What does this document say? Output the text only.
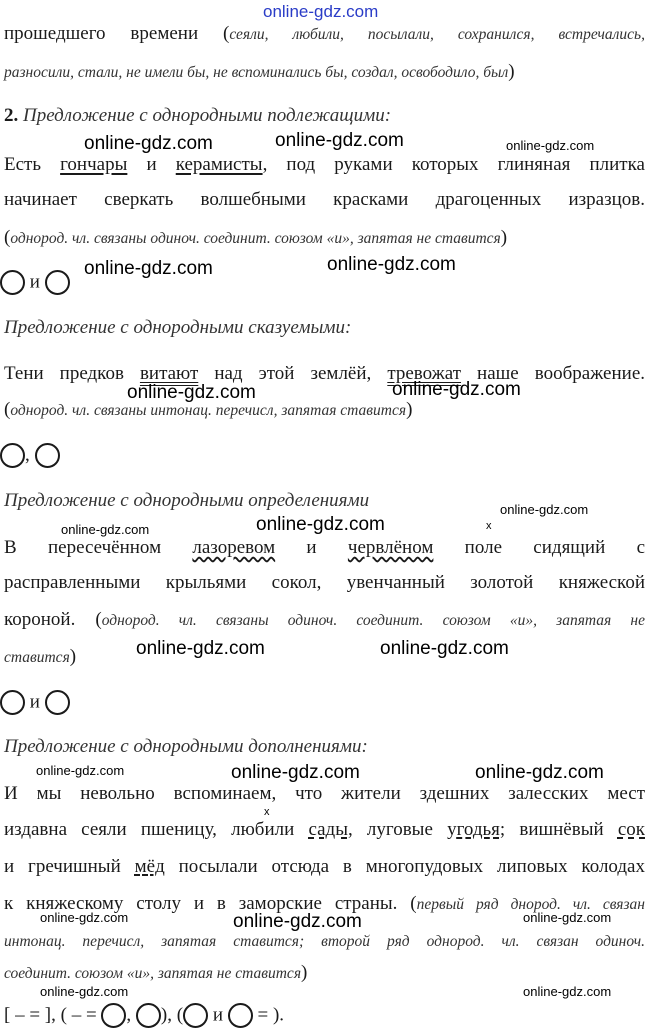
online-gdz.com
прошедшего времени (сеяли, любили, посылали, сохранился, встречались,
разносили, стали, не имели бы, не вспоминались бы, создал, освободило, был)
2. Предложение с однородными подлежащими:
Есть гончары и керамисты, под руками которых глиняная плитка
начинает сверкать волшебными красками драгоценных изразцов.
(однород. чл. связаны одиноч. соединит. союзом «и», запятая не ставится)
и
Предложение с однородными сказуемыми:
Тени предков витают над этой землёй, тревожат наше воображение.
(однород. чл. связаны интонац. перечисл, запятая ставится)
,
Предложение с однородными определениями
В пересечённом лазоревом и червлёном поле сидящий с
расправленными крыльями сокол, увенчанный золотой княжеской
короной. (однород. чл. связаны одиноч. соединит. союзом «и», запятая не
ставится)
и
Предложение с однородными дополнениями:
И мы невольно вспоминаем, что жители здешних залесских мест
издавна сеяли пшеницу, любили сады, луговые угодья; вишнёвый сок
и гречишный мёд посылали отсюда в многопудовых липовых колодах
к княжескому столу и в заморские страны. (первый ряд днород. чл. связан
интонац. перечисл, запятая ставится; второй ряд однород. чл. связан одиноч.
соединит. союзом «и», запятая не ставится)
[ – = ], ( – = , ), ( и  = ).
x
x
online-gdz.com	online-gdz.com	online-gdz.com
online-gdz.com	online-gdz.com
online-gdz.com	online-gdz.com
online-gdz.com
online-gdz.com	online-gdz.com
online-gdz.com	online-gdz.com
online-gdz.com	online-gdz.com	online-gdz.com
online-gdz.com	online-gdz.com	online-gdz.com
online-gdz.com	online-gdz.com
